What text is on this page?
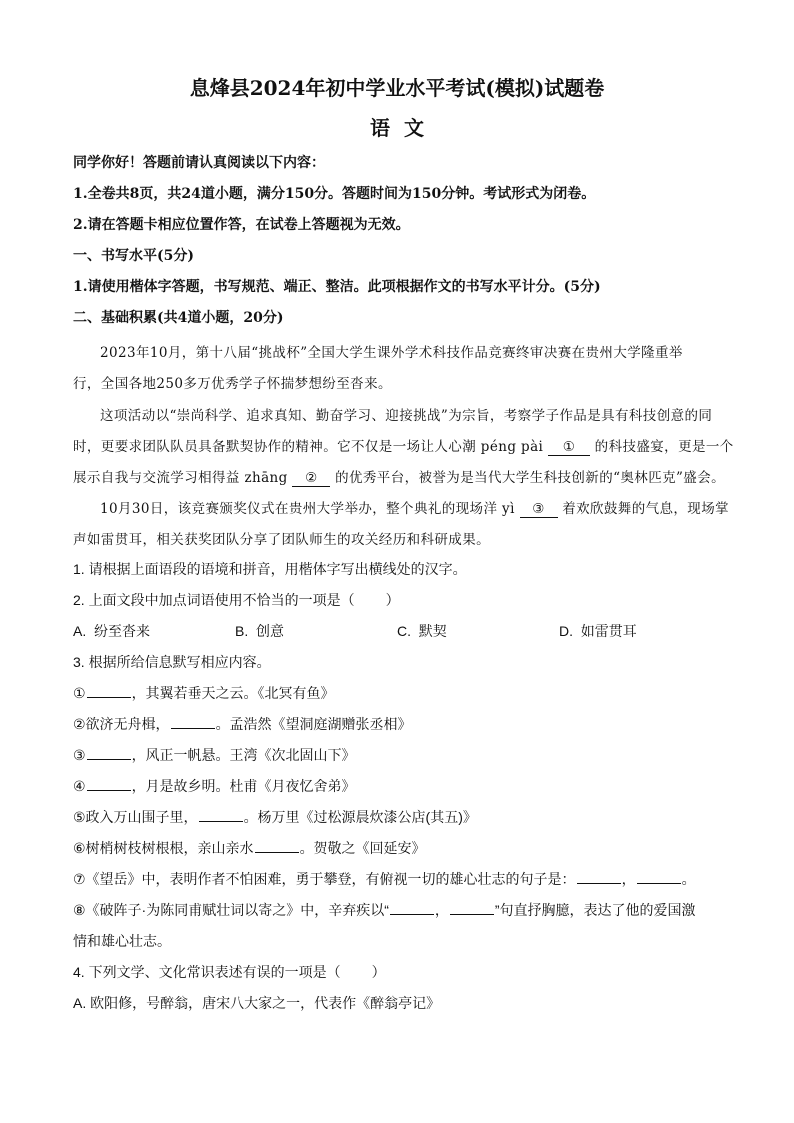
息烽县2024年初中学业水平考试(模拟)试题卷
语  文
同学你好！答题前请认真阅读以下内容：
1.全卷共8页，共24道小题，满分150分。答题时间为150分钟。考试形式为闭卷。
2.请在答题卡相应位置作答，在试卷上答题视为无效。
一、书写水平(5分)
1.请使用楷体字答题，书写规范、端正、整洁。此项根据作文的书写水平计分。(5分)
二、基础积累(共4道小题，20分)
2023年10月，第十八届“挑战杯”全国大学生课外学术科技作品竞赛终审决赛在贵州大学隆重举
行，全国各地250多万优秀学子怀揣梦想纷至沓来。
这项活动以“崇尚科学、追求真知、勤奋学习、迎接挑战”为宗旨，考察学子作品是具有科技创意的同
时，更要求团队队员具备默契协作的精神。它不仅是一场让人心潮 péng pài ① 的科技盛宴，更是一个
展示自我与交流学习相得益 zhāng ② 的优秀平台，被誉为是当代大学生科技创新的“奥林匹克”盛会。
10月30日，该竞赛颁奖仪式在贵州大学举办，整个典礼的现场洋 yì ③ 着欢欣鼓舞的气息，现场掌
声如雷贯耳，相关获奖团队分享了团队师生的攻关经历和科研成果。
1. 请根据上面语段的语境和拼音，用楷体字写出横线处的汉字。
2. 上面文段中加点词语使用不恰当的一项是（        ）
A.  纷至沓来	B.  创意	C.  默契	D.  如雷贯耳
3. 根据所给信息默写相应内容。
①	，其翼若垂天之云。《北冥有鱼》
②欲济无舟楫，	。孟浩然《望洞庭湖赠张丞相》
③	，风正一帆悬。王湾《次北固山下》
④	，月是故乡明。杜甫《月夜忆舍弟》
⑤政入万山围子里，	。杨万里《过松源晨炊漆公店(其五)》
⑥树梢树枝树根根，亲山亲水	。贺敬之《回延安》
⑦《望岳》中，表明作者不怕困难，勇于攀登，有俯视一切的雄心壮志的句子是：	，	。
⑧《破阵子·为陈同甫赋壮词以寄之》中，辛弃疾以“	，	”句直抒胸臆，表达了他的爱国激
情和雄心壮志。
4. 下列文学、文化常识表述有误的一项是（        ）
A. 欧阳修，号醉翁，唐宋八大家之一，代表作《醉翁亭记》
